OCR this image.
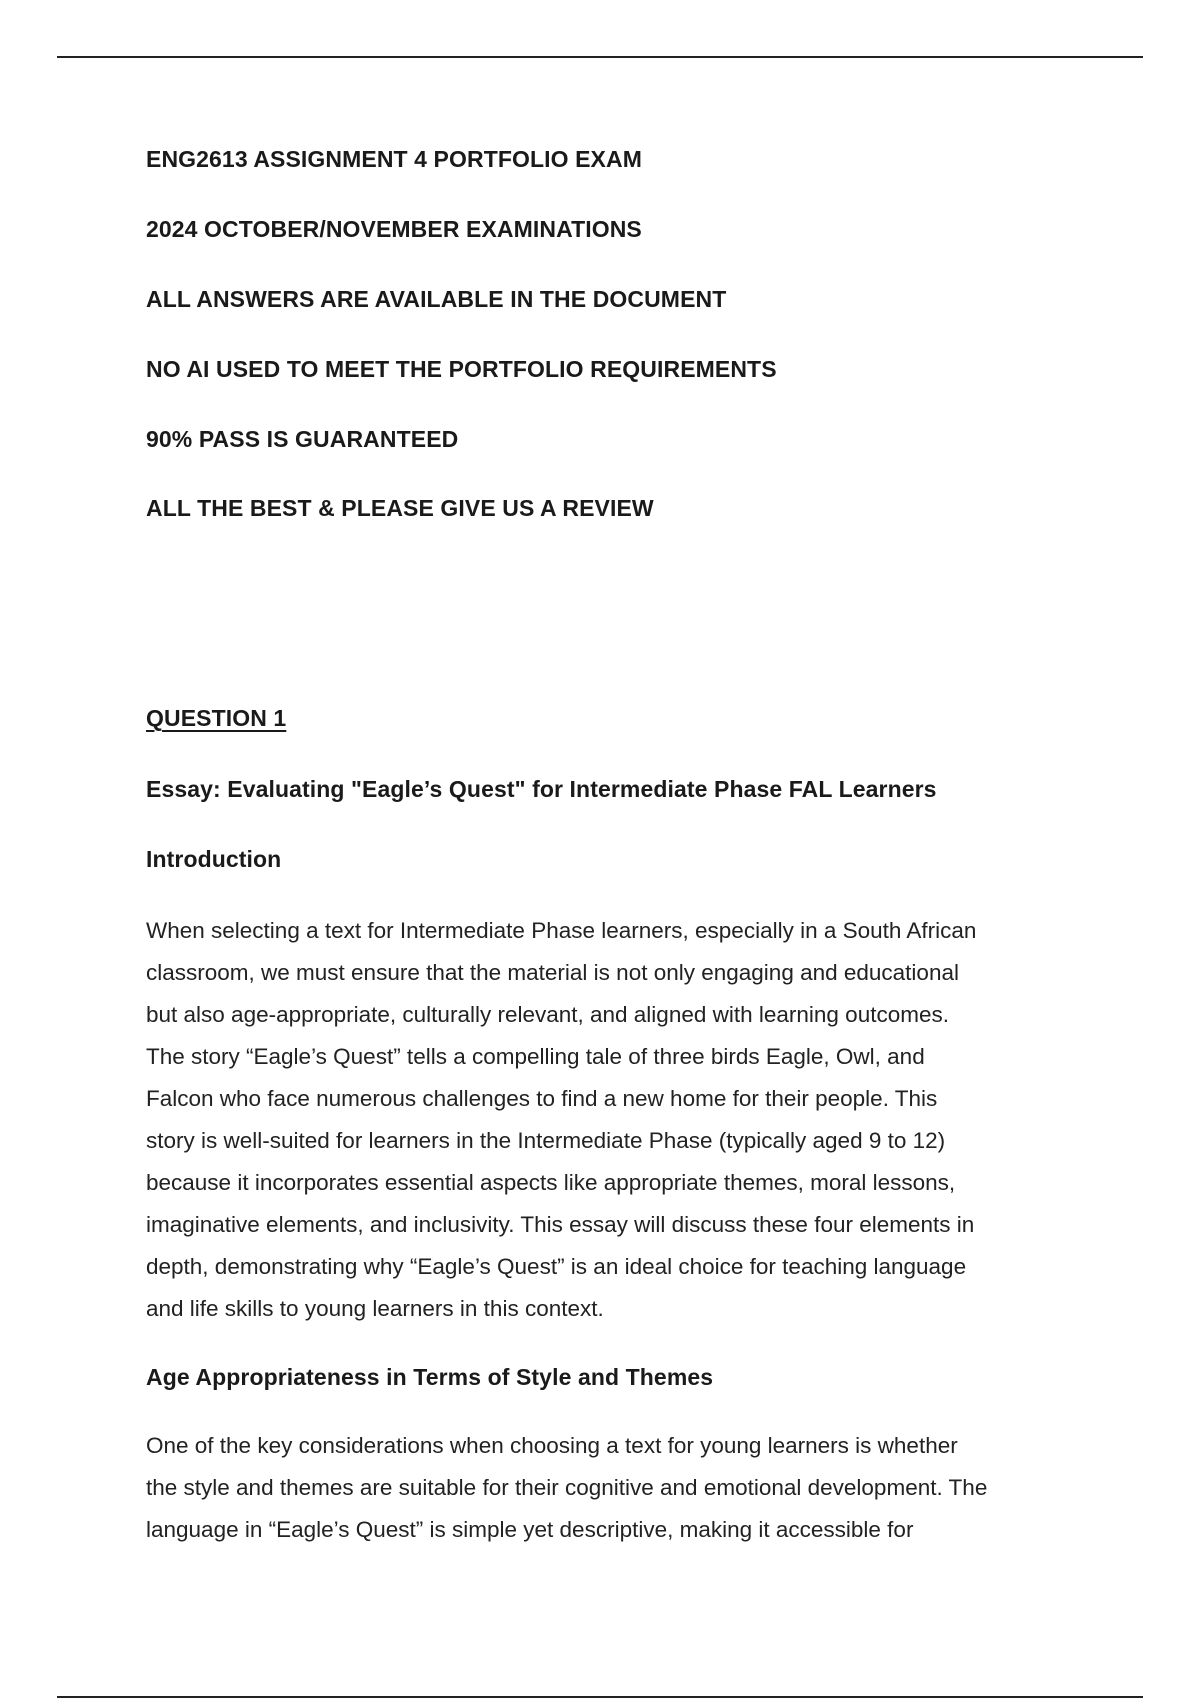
ENG2613 ASSIGNMENT 4 PORTFOLIO EXAM

2024 OCTOBER/NOVEMBER EXAMINATIONS

ALL ANSWERS ARE AVAILABLE IN THE DOCUMENT

NO AI USED TO MEET THE PORTFOLIO REQUIREMENTS

90% PASS IS GUARANTEED

ALL THE BEST & PLEASE GIVE US A REVIEW

QUESTION 1

Essay: Evaluating "Eagle’s Quest" for Intermediate Phase FAL Learners

Introduction

When selecting a text for Intermediate Phase learners, especially in a South African
classroom, we must ensure that the material is not only engaging and educational
but also age-appropriate, culturally relevant, and aligned with learning outcomes.
The story “Eagle’s Quest” tells a compelling tale of three birds Eagle, Owl, and
Falcon who face numerous challenges to find a new home for their people. This
story is well-suited for learners in the Intermediate Phase (typically aged 9 to 12)
because it incorporates essential aspects like appropriate themes, moral lessons,
imaginative elements, and inclusivity. This essay will discuss these four elements in
depth, demonstrating why “Eagle’s Quest” is an ideal choice for teaching language
and life skills to young learners in this context.

Age Appropriateness in Terms of Style and Themes

One of the key considerations when choosing a text for young learners is whether
the style and themes are suitable for their cognitive and emotional development. The
language in “Eagle’s Quest” is simple yet descriptive, making it accessible for
